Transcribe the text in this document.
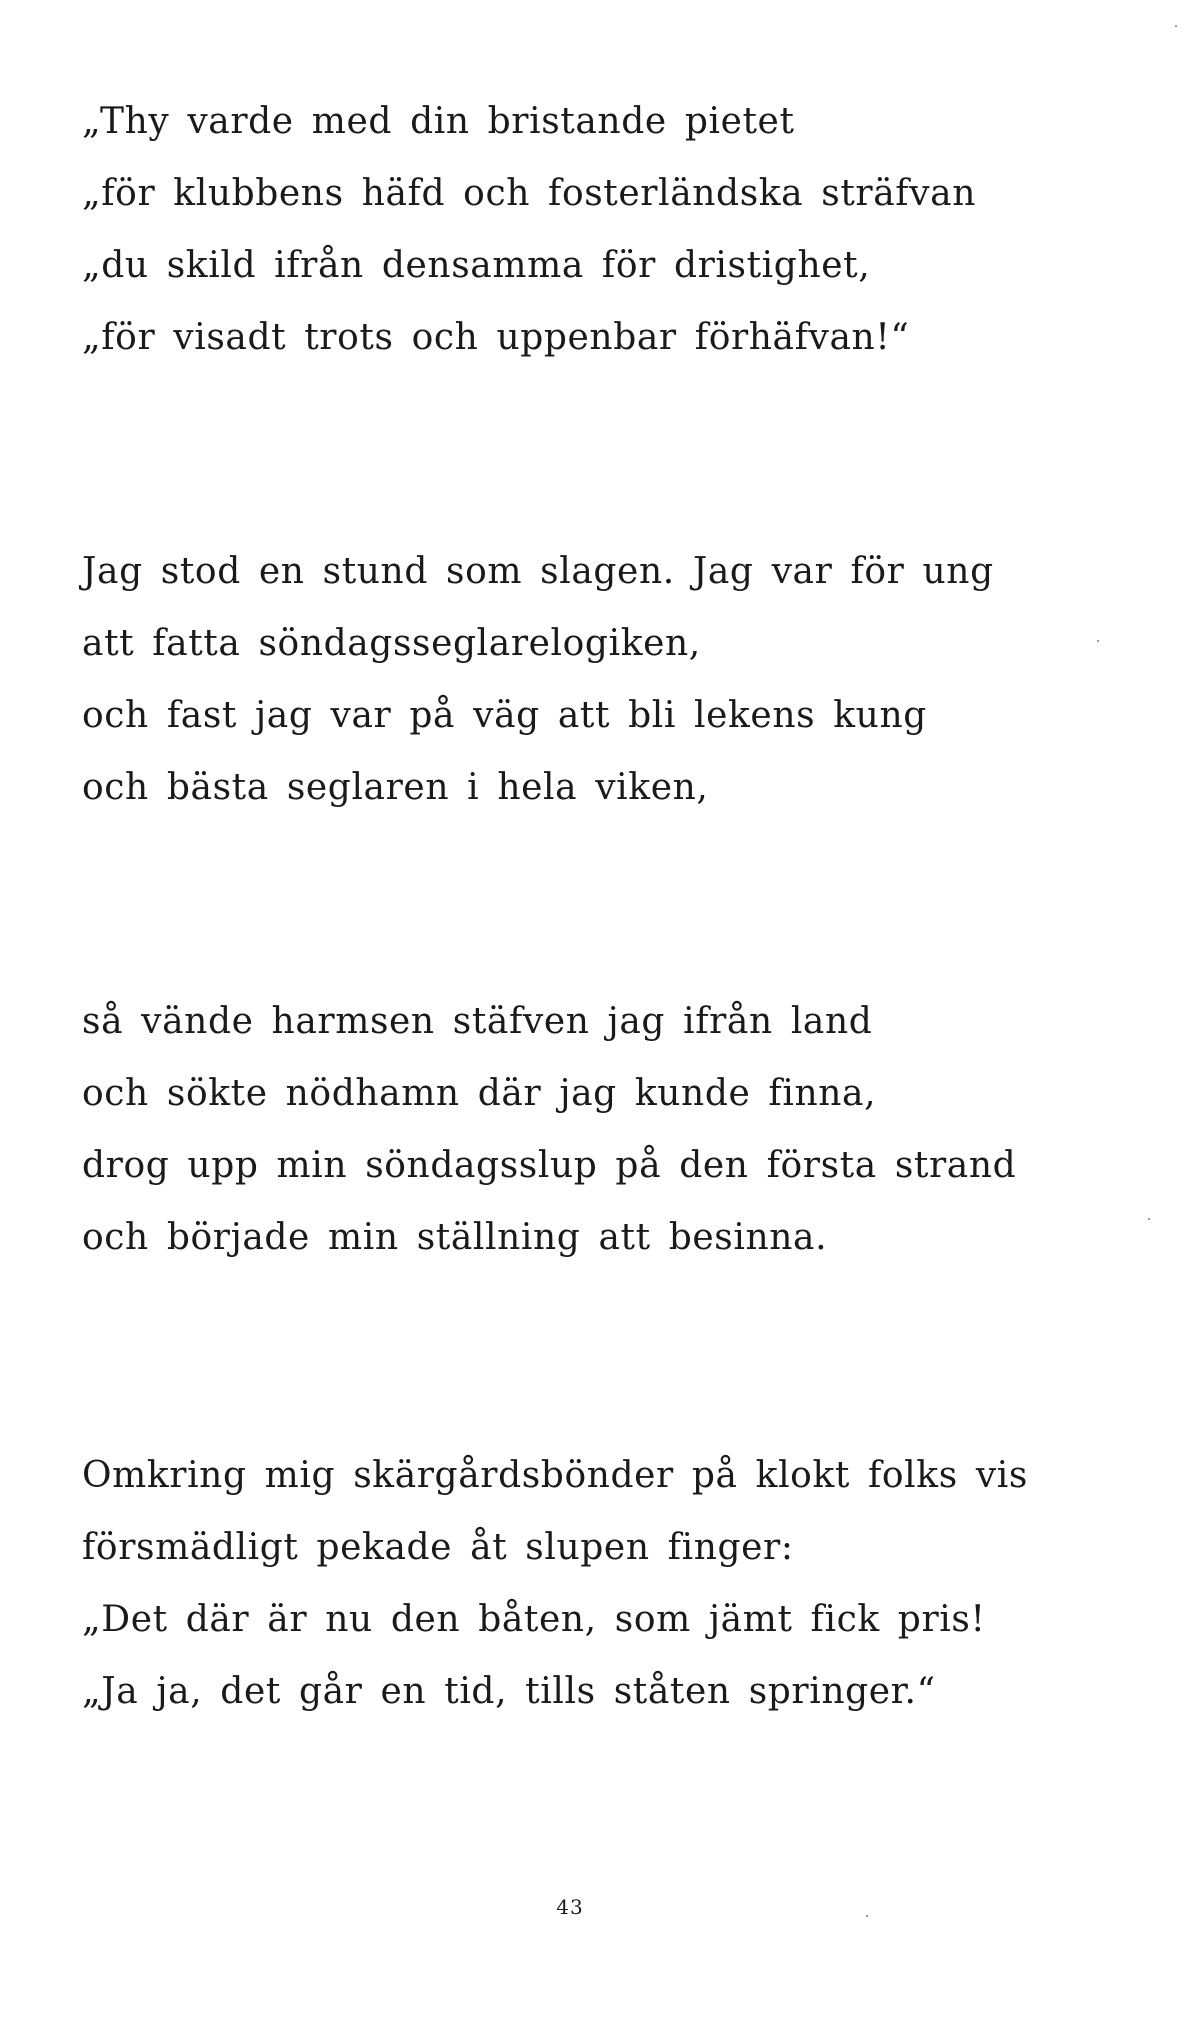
„Thy varde med din bristande pietet
„för klubbens häfd och fosterländska sträfvan
„du skild ifrån densamma för dristighet,
„för visadt trots och uppenbar förhäfvan!“
Jag stod en stund som slagen. Jag var för ung
att fatta söndagsseglarelogiken,
och fast jag var på väg att bli lekens kung
och bästa seglaren i hela viken,
så vände harmsen stäfven jag ifrån land
och sökte nödhamn där jag kunde finna,
drog upp min söndagsslup på den första strand
och började min ställning att besinna.
Omkring mig skärgårdsbönder på klokt folks vis
försmädligt pekade åt slupen finger:
„Det där är nu den båten, som jämt fick pris!
„Ja ja, det går en tid, tills ståten springer.“
43
